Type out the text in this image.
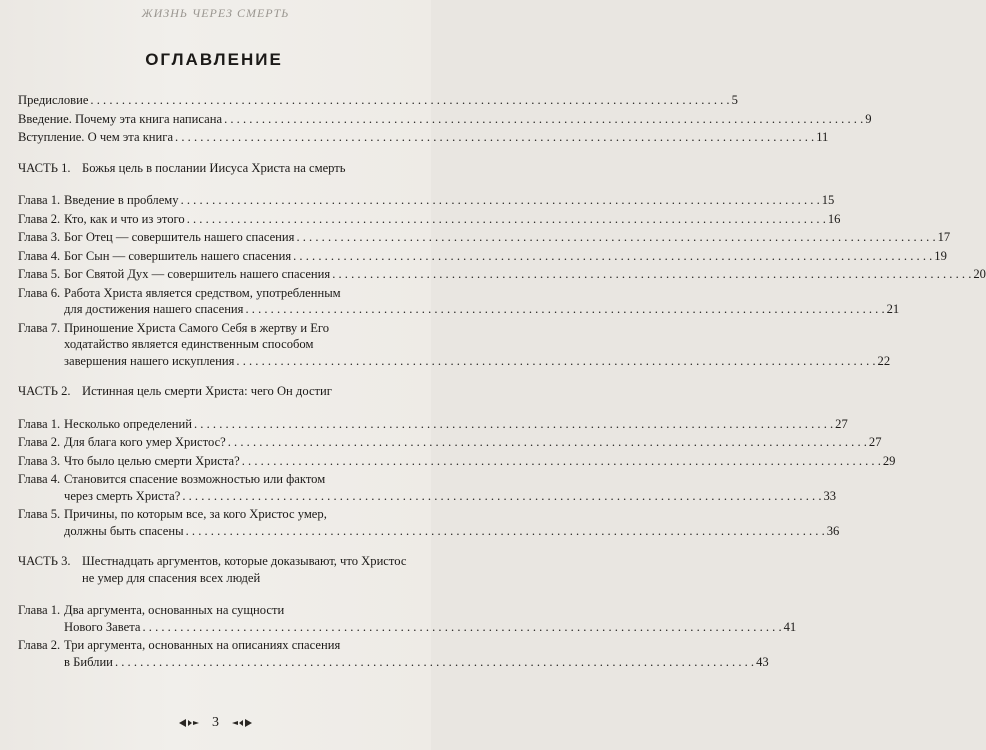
ЖИЗНЬ ЧЕРЕЗ СМЕРТЬ
ОГЛАВЛЕНИЕ
Предисловие . . .	5
Введение. Почему эта книга написана . . .	9
Вступление. О чем эта книга . . .	11
ЧАСТЬ 1. Божья цель в послании Иисуса Христа на смерть
Глава 1. Введение в проблему . . .	15
Глава 2. Кто, как и что из этого . . .	16
Глава 3. Бог Отец — совершитель нашего спасения . . .	17
Глава 4. Бог Сын — совершитель нашего спасения . . .	19
Глава 5. Бог Святой Дух — совершитель нашего спасения . . .	20
Глава 6. Работа Христа является средством, употребленным
для достижения нашего спасения . . .	21
Глава 7. Приношение Христа Самого Себя в жертву и Его
ходатайство является единственным способом
завершения нашего искупления . . .	22
ЧАСТЬ 2. Истинная цель смерти Христа: чего Он достиг
Глава 1. Несколько определений . . .	27
Глава 2. Для блага кого умер Христос? . . .	27
Глава 3. Что было целью смерти Христа? . . .	29
Глава 4. Становится спасение возможностью или фактом
через смерть Христа? . . .	33
Глава 5. Причины, по которым все, за кого Христос умер,
должны быть спасены . . .	36
ЧАСТЬ 3. Шестнадцать аргументов, которые доказывают, что Христос не умер для спасения всех людей
Глава 1. Два аргумента, основанных на сущности
Нового Завета . . .	41
Глава 2. Три аргумента, основанных на описаниях спасения
в Библии . . .	43
3
